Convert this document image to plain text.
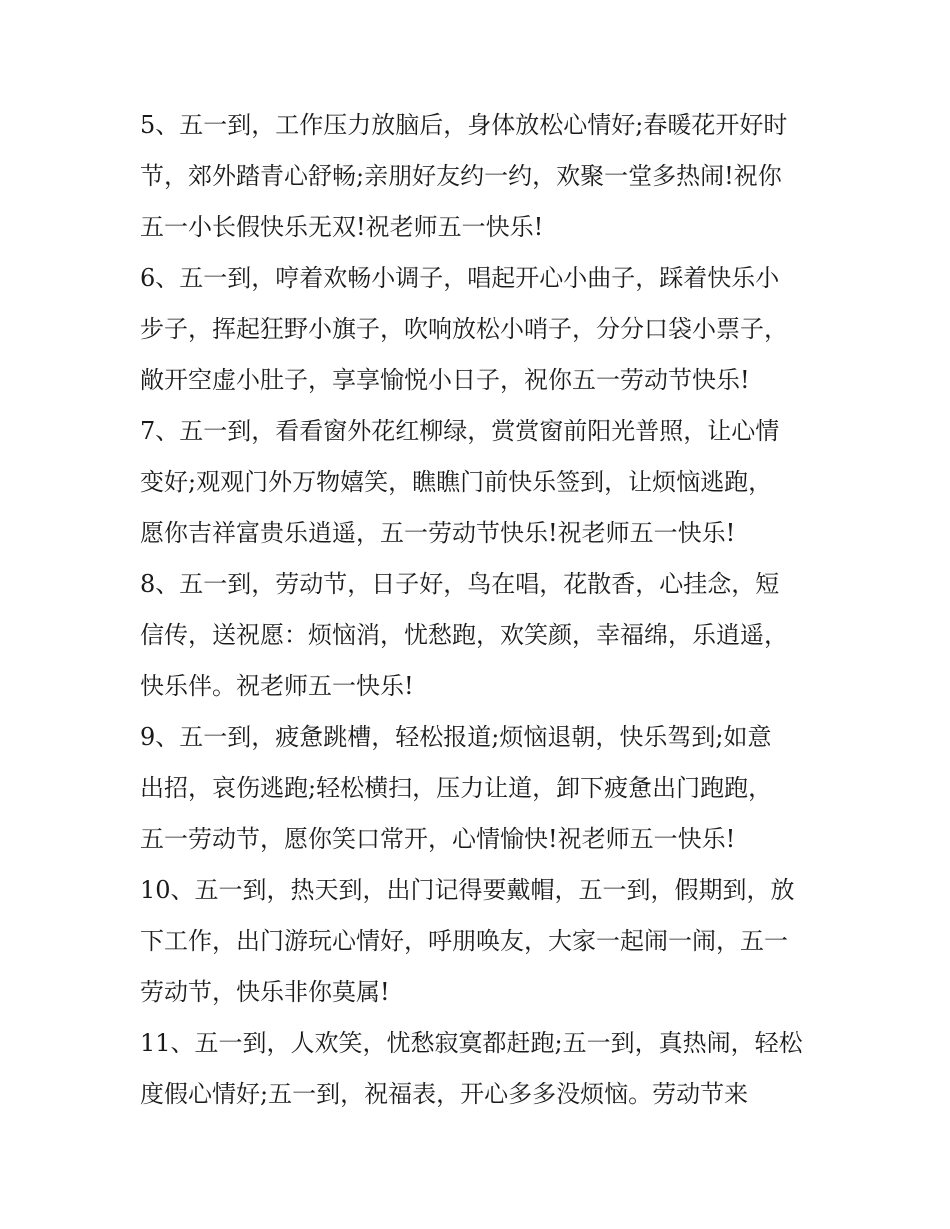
5、五一到，工作压力放脑后，身体放松心情好;春暖花开好时
节，郊外踏青心舒畅;亲朋好友约一约，欢聚一堂多热闹!祝你
五一小长假快乐无双!祝老师五一快乐!
6、五一到，哼着欢畅小调子，唱起开心小曲子，踩着快乐小
步子，挥起狂野小旗子，吹响放松小哨子，分分口袋小票子，
敞开空虚小肚子，享享愉悦小日子，祝你五一劳动节快乐!
7、五一到，看看窗外花红柳绿，赏赏窗前阳光普照，让心情
变好;观观门外万物嬉笑，瞧瞧门前快乐签到，让烦恼逃跑，
愿你吉祥富贵乐逍遥，五一劳动节快乐!祝老师五一快乐!
8、五一到，劳动节，日子好，鸟在唱，花散香，心挂念，短
信传，送祝愿：烦恼消，忧愁跑，欢笑颜，幸福绵，乐逍遥，
快乐伴。祝老师五一快乐!
9、五一到，疲惫跳槽，轻松报道;烦恼退朝，快乐驾到;如意
出招，哀伤逃跑;轻松横扫，压力让道，卸下疲惫出门跑跑，
五一劳动节，愿你笑口常开，心情愉快!祝老师五一快乐!
10、五一到，热天到，出门记得要戴帽，五一到，假期到，放
下工作，出门游玩心情好，呼朋唤友，大家一起闹一闹，五一
劳动节，快乐非你莫属!
11、五一到，人欢笑，忧愁寂寞都赶跑;五一到，真热闹，轻松
度假心情好;五一到，祝福表，开心多多没烦恼。劳动节来
